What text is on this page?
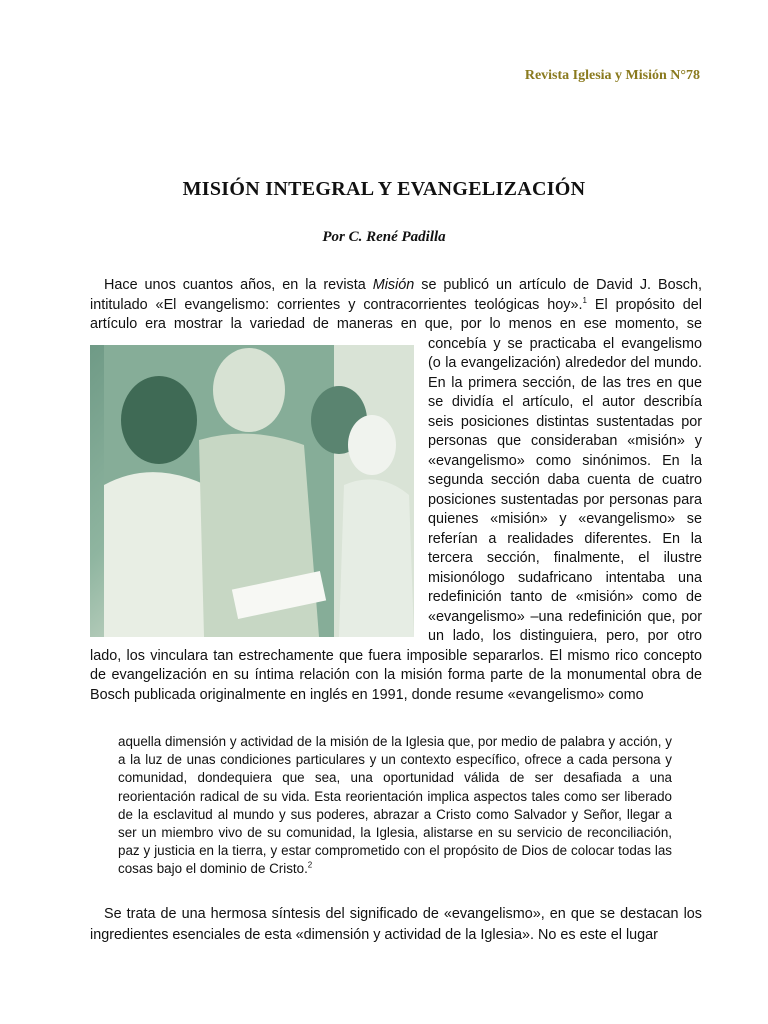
Revista Iglesia y Misión N°78
MISIÓN INTEGRAL Y EVANGELIZACIÓN
Por C. René Padilla

Hace unos cuantos años, en la revista Misión se publicó un artículo de David J. Bosch, intitulado «El evangelismo: corrientes y contracorrientes teológicas hoy».$^1$ El propósito del artículo era mostrar la variedad de maneras en que, por lo menos en ese momento, se
concebía y se practicaba el evangelismo (o la evangelización) alrededor del mundo. En la primera sección, de las tres en que se dividía el artículo, el autor describía seis posiciones distintas sustentadas por personas que consideraban «misión» y «evangelismo» como sinónimos. En la segunda sección daba cuenta de cuatro posiciones sustentadas por personas para quienes «misión» y «evangelismo» se referían a realidades diferentes. En la tercera sección, finalmente, el ilustre misionólogo sudafricano intentaba una redefinición tanto de «misión» como de «evangelismo» –una redefinición que, por un lado, los distinguiera, pero, por otro lado, los vinculara tan estrechamente que fuera imposible separarlos. El mismo rico concepto de evangelización en su íntima relación con la misión forma parte de la monumental obra de Bosch publicada originalmente en inglés en 1991, donde resume «evangelismo» como

aquella dimensión y actividad de la misión de la Iglesia que, por medio de palabra y acción, y a la luz de unas condiciones particulares y un contexto específico, ofrece a cada persona y comunidad, dondequiera que sea, una oportunidad válida de ser desafiada a una reorientación radical de su vida. Esta reorientación implica aspectos tales como ser liberado de la esclavitud al mundo y sus poderes, abrazar a Cristo como Salvador y Señor, llegar a ser un miembro vivo de su comunidad, la Iglesia, alistarse en su servicio de reconciliación, paz y justicia en la tierra, y estar comprometido con el propósito de Dios de colocar todas las cosas bajo el dominio de Cristo.$^2$
Se trata de una hermosa síntesis del significado de «evangelismo», en que se destacan los ingredientes esenciales de esta «dimensión y actividad de la Iglesia». No es este el lugar
